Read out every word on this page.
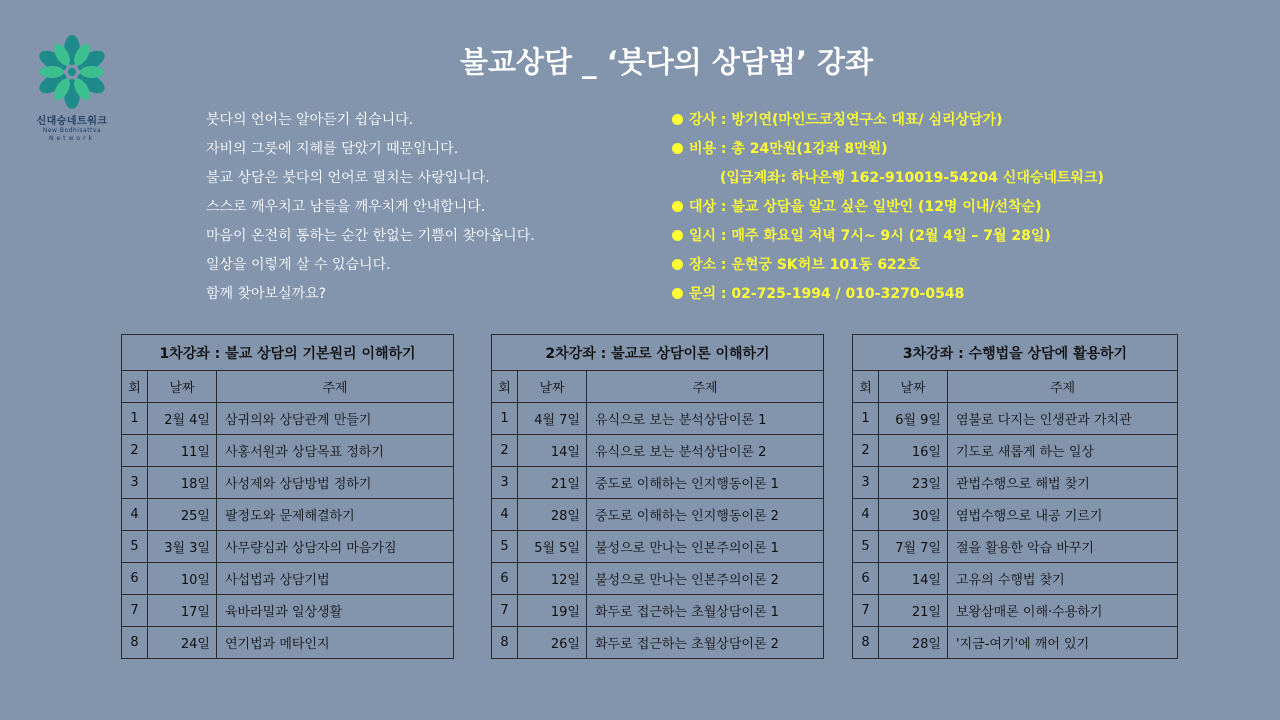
신대승네트워크
New Bodhisattva
Network
불교상담 _ ‘붓다의 상담법’ 강좌
붓다의 언어는 알아듣기 쉽습니다.
자비의 그릇에 지혜를 담았기 때문입니다.
불교 상담은 붓다의 언어로 펼치는 사랑입니다.
스스로 깨우치고 남들을 깨우치게 안내합니다.
마음이 온전히 통하는 순간 한없는 기쁨이 찾아옵니다.
일상을 이렇게 살 수 있습니다.
함께 찾아보실까요?
강사 : 방기연(마인드코칭연구소 대표/ 심리상담가)
비용 : 총 24만원(1강좌 8만원)
(입금계좌: 하나은행 162-910019-54204 신대승네트워크)
대상 : 불교 상담을 알고 싶은 일반인 (12명 이내/선착순)
일시 : 매주 화요일 저녁 7시~ 9시 (2월 4일 – 7월 28일)
장소 : 운현궁 SK허브 101동 622호
문의 : 02-725-1994 / 010-3270-0548
1차강좌 : 불교 상담의 기본원리 이해하기		
회	날짜	주제
1	2월 4일	삼귀의와 상담관계 만들기
2	11일	사홍서원과 상담목표 정하기
3	18일	사성제와 상담방법 정하기
4	25일	팔정도와 문제해결하기
5	3월 3일	사무량심과 상담자의 마음가짐
6	10일	사섭법과 상담기법
7	17일	육바라밀과 일상생활
8	24일	연기법과 메타인지
2차강좌 : 불교로 상담이론 이해하기		
회	날짜	주제
1	4월 7일	유식으로 보는 분석상담이론 1
2	14일	유식으로 보는 분석상담이론 2
3	21일	중도로 이해하는 인지행동이론 1
4	28일	중도로 이해하는 인지행동이론 2
5	5월 5일	불성으로 만나는 인본주의이론 1
6	12일	불성으로 만나는 인본주의이론 2
7	19일	화두로 접근하는 초월상담이론 1
8	26일	화두로 접근하는 초월상담이론 2
3차강좌 : 수행법을 상담에 활용하기		
회	날짜	주제
1	6월 9일	염불로 다지는 인생관과 가치관
2	16일	기도로 새롭게 하는 일상
3	23일	관법수행으로 해법 찾기
4	30일	염법수행으로 내공 기르기
5	7월 7일	절을 활용한 악습 바꾸기
6	14일	고유의 수행법 찾기
7	21일	보왕삼매론 이해·수용하기
8	28일	'지금-여기'에 깨어 있기
